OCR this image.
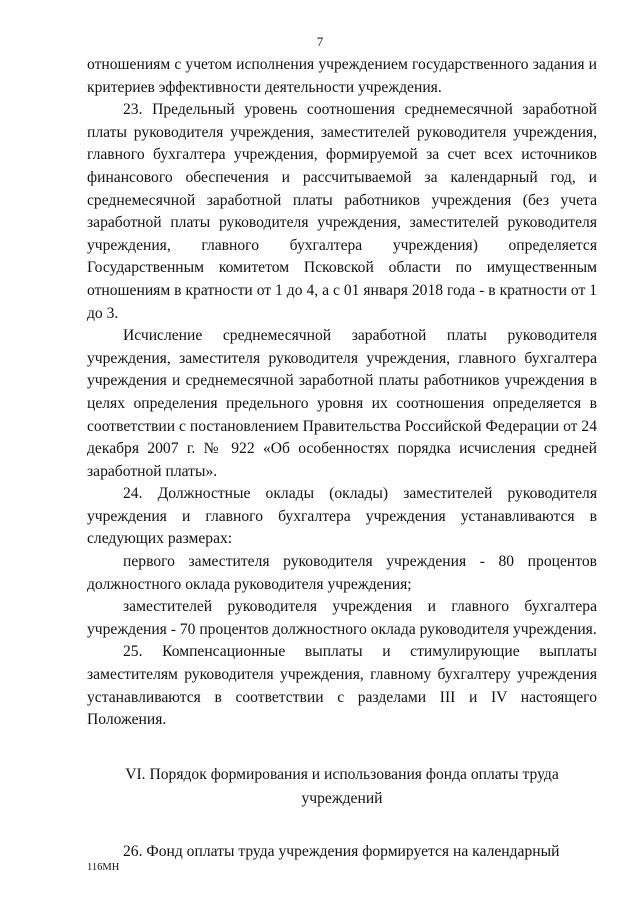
7

отношениям с учетом исполнения учреждением государственного задания и критериев эффективности деятельности учреждения.

23. Предельный уровень соотношения среднемесячной заработной платы руководителя учреждения, заместителей руководителя учреждения, главного бухгалтера учреждения, формируемой за счет всех источников финансового обеспечения и рассчитываемой за календарный год, и среднемесячной заработной платы работников учреждения (без учета заработной платы руководителя учреждения, заместителей руководителя учреждения, главного бухгалтера учреждения) определяется Государственным комитетом Псковской области по имущественным отношениям в кратности от 1 до 4, а с 01 января 2018 года - в кратности от 1 до 3.

Исчисление среднемесячной заработной платы руководителя учреждения, заместителя руководителя учреждения, главного бухгалтера учреждения и среднемесячной заработной платы работников учреждения в целях определения предельного уровня их соотношения определяется в соответствии с постановлением Правительства Российской Федерации от 24 декабря 2007 г. № 922 «Об особенностях порядка исчисления средней заработной платы».

24. Должностные оклады (оклады) заместителей руководителя учреждения и главного бухгалтера учреждения устанавливаются в следующих размерах:

первого заместителя руководителя учреждения - 80 процентов должностного оклада руководителя учреждения;

заместителей руководителя учреждения и главного бухгалтера учреждения - 70 процентов должностного оклада руководителя учреждения.

25. Компенсационные выплаты и стимулирующие выплаты заместителям руководителя учреждения, главному бухгалтеру учреждения устанавливаются в соответствии с разделами III и IV настоящего Положения.

VI. Порядок формирования и использования фонда оплаты труда
учреждений

26. Фонд оплаты труда учреждения формируется на календарный

116МН
